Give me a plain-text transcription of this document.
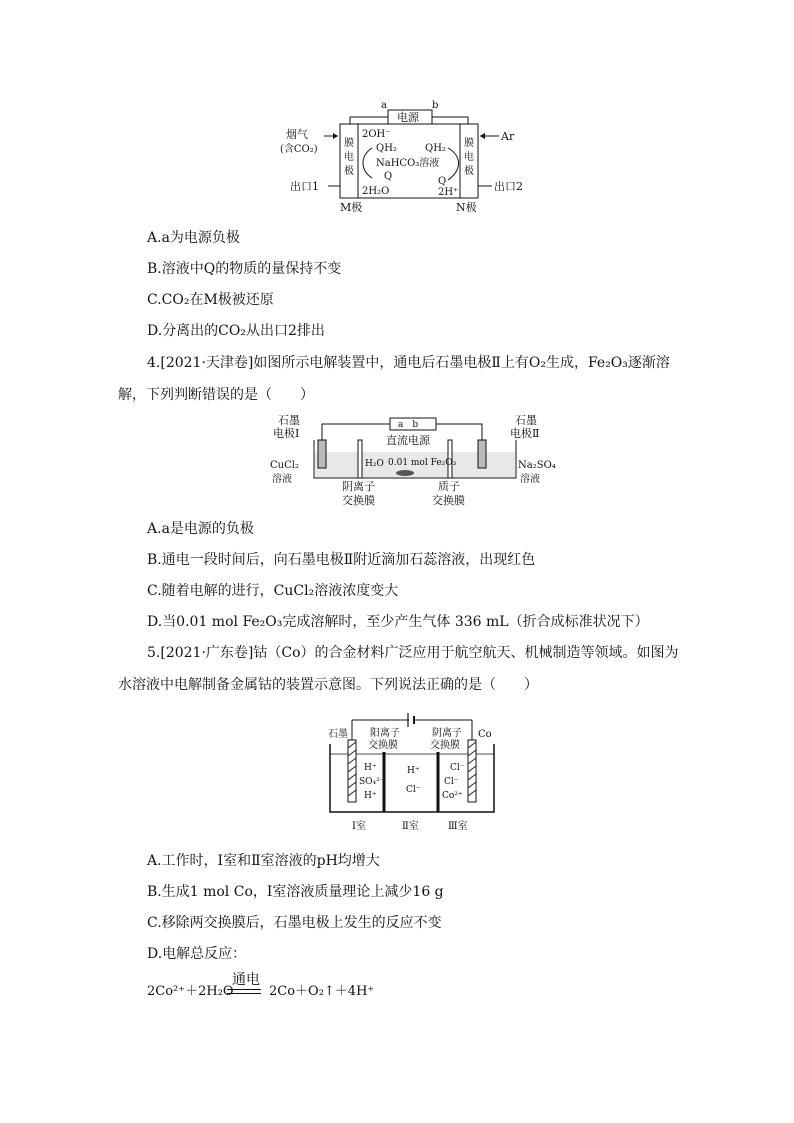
a	b
电源
膜电极
膜电极
烟气
(含CO₂)
Ar
2OH⁻
QH₂	QH₂
NaHCO₃溶液
Q	Q
2H₂O	2H⁺
出口1	出口2
M极	N极
A.a为电源负极
B.溶液中Q的物质的量保持不变
C.CO₂在M极被还原
D.分离出的CO₂从出口2排出
4.[2021·天津卷]如图所示电解装置中，通电后石墨电极Ⅱ上有O₂生成，Fe₂O₃逐渐溶
解，下列判断错误的是（　　）
石墨
电极Ⅰ
石墨
电极Ⅱ
a　b
直流电源
H₂O 0.01 mol Fe₂O₃
CuCl₂
溶液
Na₂SO₄
溶液
阴离子
交换膜
质子
交换膜
A.a是电源的负极
B.通电一段时间后，向石墨电极Ⅱ附近滴加石蕊溶液，出现红色
C.随着电解的进行，CuCl₂溶液浓度变大
D.当0.01 mol Fe₂O₃完成溶解时，至少产生气体 336 mL（折合成标准状况下）
5.[2021·广东卷]钴（Co）的合金材料广泛应用于航空航天、机械制造等领域。如图为
水溶液中电解制备金属钴的装置示意图。下列说法正确的是（　　）
石墨	Co
阳离子
交换膜
阴离子
交换膜
H⁺
SO₄²⁻
H⁺
H⁺
Cl⁻
Cl⁻
Cl⁻
Co²⁺
Ⅰ室	Ⅱ室	Ⅲ室
A.工作时，Ⅰ室和Ⅱ室溶液的pH均增大
B.生成1 mol Co，Ⅰ室溶液质量理论上减少16 g
C.移除两交换膜后，石墨电极上发生的反应不变
D.电解总反应：
2Co²⁺＋2H₂O
通电
2Co＋O₂↑＋4H⁺
